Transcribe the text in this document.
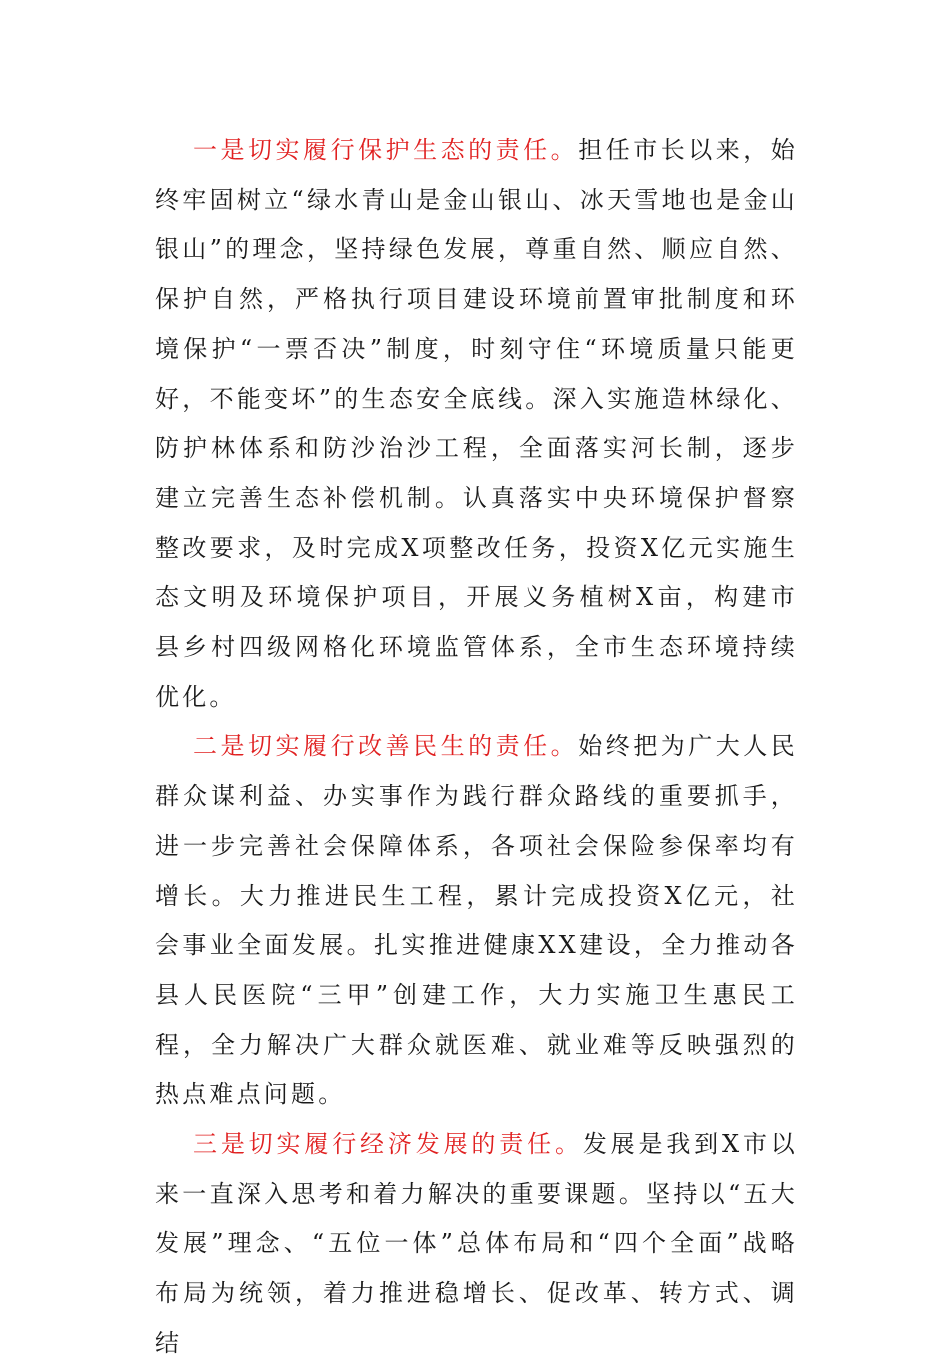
一是切实履行保护生态的责任。担任市长以来，始终牢固树立“绿水青山是金山银山、冰天雪地也是金山银山”的理念，坚持绿色发展，尊重自然、顺应自然、保护自然，严格执行项目建设环境前置审批制度和环境保护“一票否决”制度，时刻守住“环境质量只能更好，不能变坏”的生态安全底线。深入实施造林绿化、防护林体系和防沙治沙工程，全面落实河长制，逐步建立完善生态补偿机制。认真落实中央环境保护督察整改要求，及时完成X项整改任务，投资X亿元实施生态文明及环境保护项目，开展义务植树X亩，构建市县乡村四级网格化环境监管体系，全市生态环境持续优化。

二是切实履行改善民生的责任。始终把为广大人民群众谋利益、办实事作为践行群众路线的重要抓手，进一步完善社会保障体系，各项社会保险参保率均有增长。大力推进民生工程，累计完成投资X亿元，社会事业全面发展。扎实推进健康XX建设，全力推动各县人民医院“三甲”创建工作，大力实施卫生惠民工程，全力解决广大群众就医难、就业难等反映强烈的热点难点问题。

三是切实履行经济发展的责任。发展是我到X市以来一直深入思考和着力解决的重要课题。坚持以“五大发展”理念、“五位一体”总体布局和“四个全面”战略布局为统领，着力推进稳增长、促改革、转方式、调结
